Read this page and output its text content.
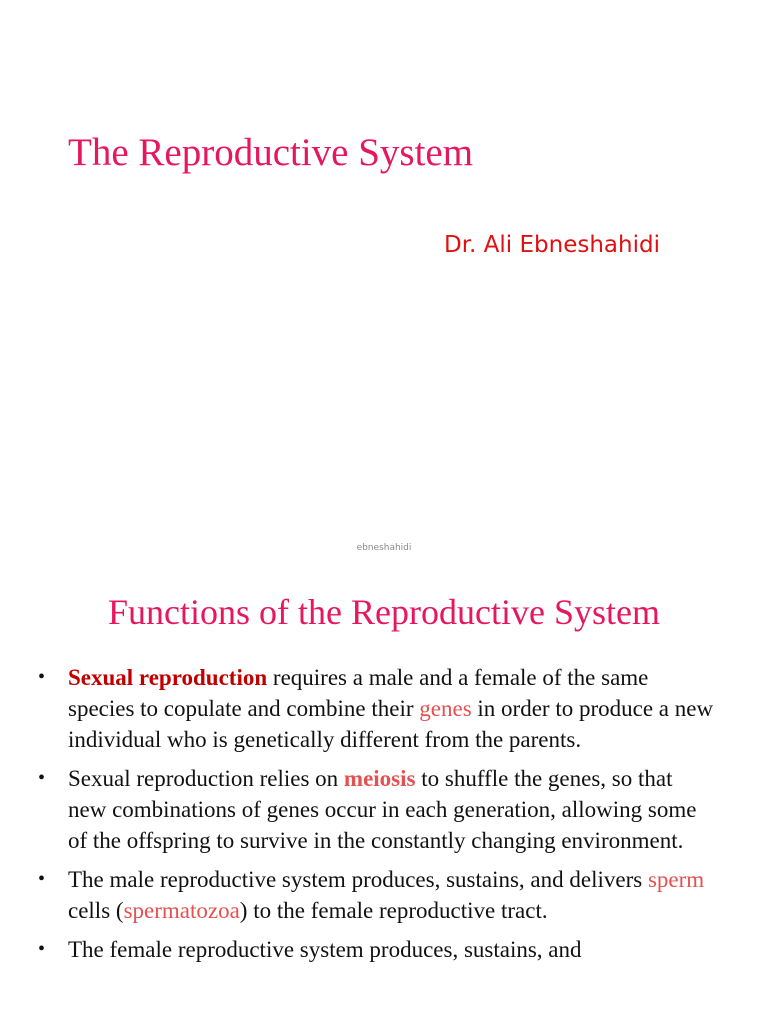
The Reproductive System

Dr. Ali Ebneshahidi

ebneshahidi
Functions of the Reproductive System
• Sexual reproduction requires a male and a female of the same species to copulate and combine their genes in order to produce a new individual who is genetically different from the parents.
• Sexual reproduction relies on meiosis to shuffle the genes, so that new combinations of genes occur in each generation, allowing some of the offspring to survive in the constantly changing environment.
• The male reproductive system produces, sustains, and delivers sperm cells (spermatozoa) to the female reproductive tract.
• The female reproductive system produces, sustains, and
